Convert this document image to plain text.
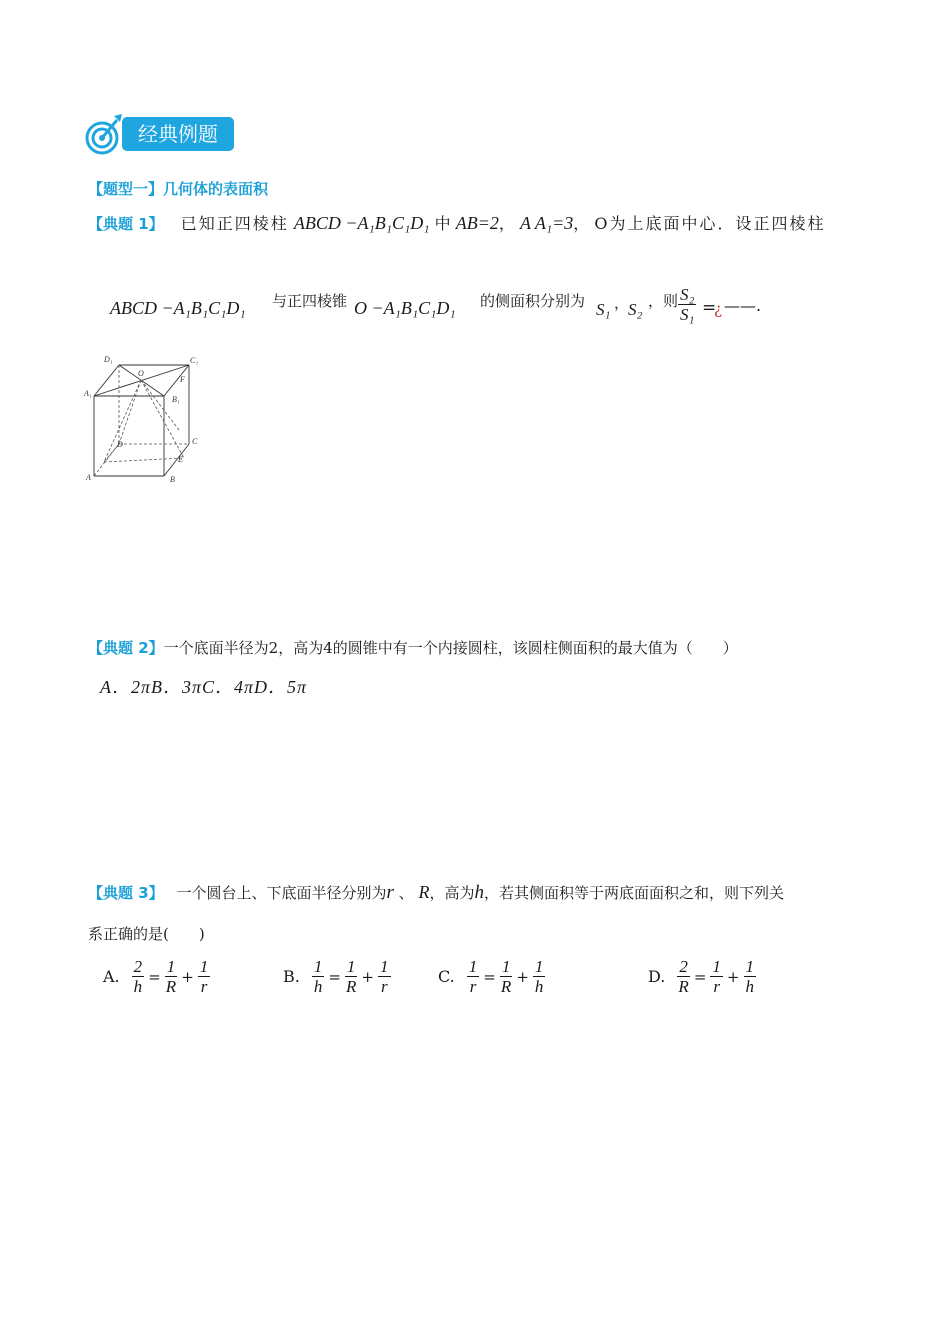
经典例题
【题型一】几何体的表面积
【典题 1】 已知正四棱柱 ABCD −A₁B₁C₁D₁ 中 AB=2， A A₁=3， O为上底面中心．设正四棱柱
ABCD −A₁B₁C₁D₁ 与正四棱锥 O −A₁B₁C₁D₁ 的侧面积分别为 S₁ ，
S₂ ，则 $\frac{\text{S₂}}{\text{S₁}}$ =
¿ ——.
D₁	C₁
A₁
B₁
O
F
D	C
A	B
E
【典题 2】一个底面半径为2，高为4的圆锥中有一个内接圆柱，该圆柱侧面积的最大值为（　　）
A．2πB．3πC．4πD．5π
【典题 3】 一个圆台上、下底面半径分别为r 、 R，高为h，若其侧面积等于两底面面积之和，则下列关
系正确的是(　　)
A. $\frac{2}{h} = \frac{1}{R} + \frac{1}{r}$	B. $\frac{1}{h} = \frac{1}{R} + \frac{1}{r}$	C. $\frac{1}{r} = \frac{1}{R} + \frac{1}{h}$	D. $\frac{2}{R} = \frac{1}{r} + \frac{1}{h}$
